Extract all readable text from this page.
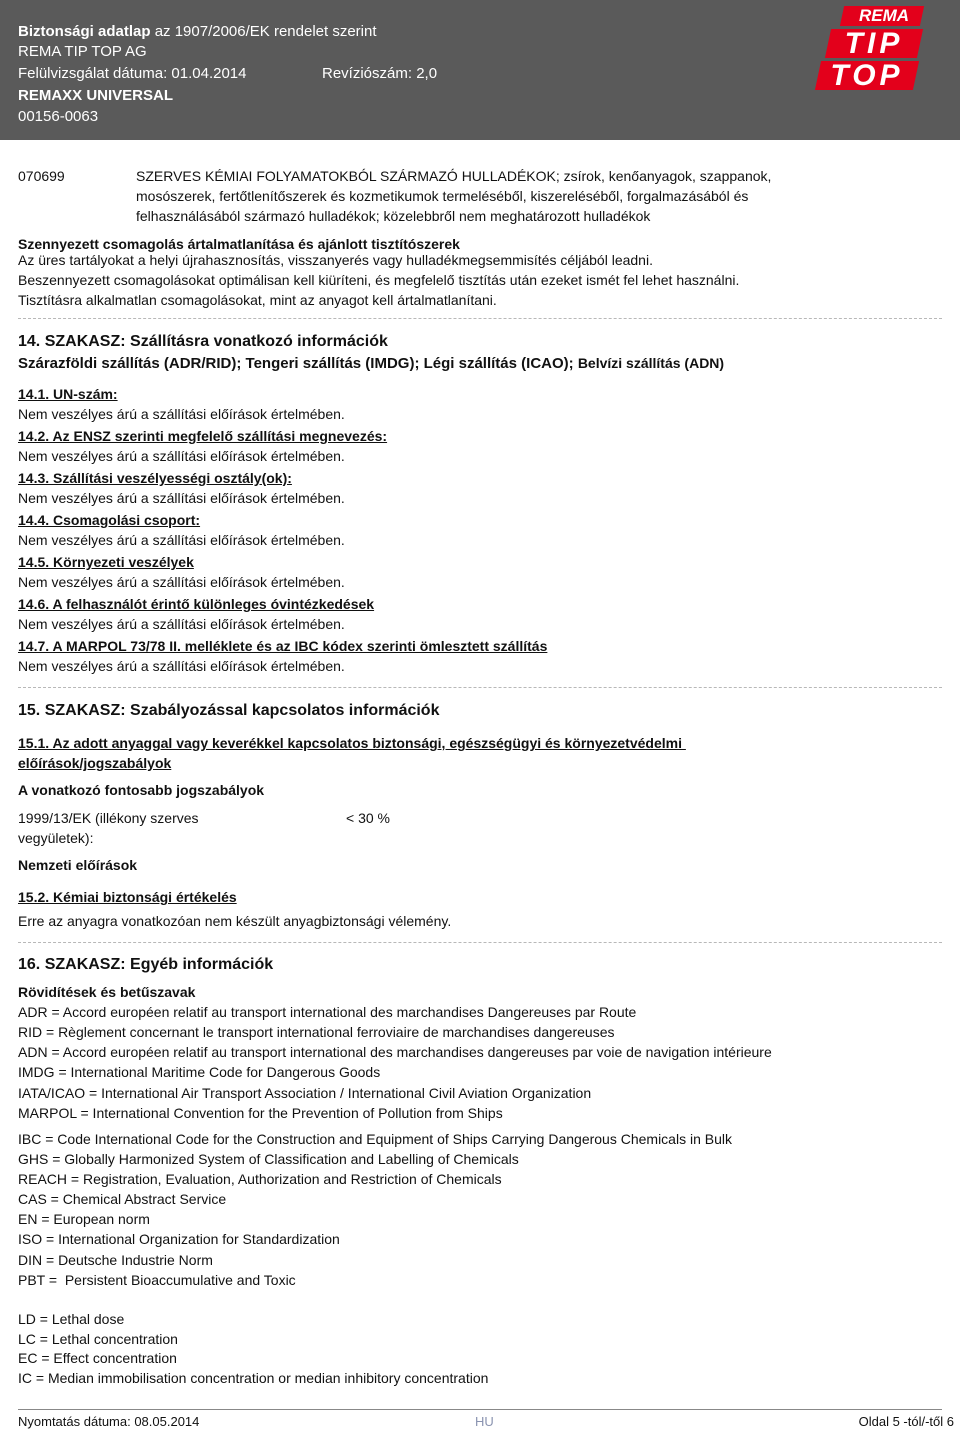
Biztonsági adatlap az 1907/2006/EK rendelet szerint
REMA TIP TOP AG
Felülvizsgálat dátuma: 01.04.2014	Revíziószám: 2,0
REMAXX UNIVERSAL
00156-0063
REMA
TIP
TOP
070699	SZERVES KÉMIAI FOLYAMATOKBÓL SZÁRMAZÓ HULLADÉKOK; zsírok, kenőanyagok, szappanok,
mosószerek, fertőtlenítőszerek és kozmetikumok termeléséből, kiszereléséből, forgalmazásából és
felhasználásából származó hulladékok; közelebbről nem meghatározott hulladékok
Szennyezett csomagolás ártalmatlanítása és ajánlott tisztítószerek
Az üres tartályokat a helyi újrahasznosítás, visszanyerés vagy hulladékmegsemmisítés céljából leadni.
Beszennyezett csomagolásokat optimálisan kell kiüríteni, és megfelelő tisztítás után ezeket ismét fel lehet használni.
Tisztításra alkalmatlan csomagolásokat, mint az anyagot kell ártalmatlanítani.
14. SZAKASZ: Szállításra vonatkozó információk
Szárazföldi szállítás (ADR/RID); Tengeri szállítás (IMDG); Légi szállítás (ICAO); Belvízi szállítás (ADN)
14.1. UN-szám:
Nem veszélyes árú a szállítási előírások értelmében.
14.2. Az ENSZ szerinti megfelelő szállítási megnevezés:
Nem veszélyes árú a szállítási előírások értelmében.
14.3. Szállítási veszélyességi osztály(ok):
Nem veszélyes árú a szállítási előírások értelmében.
14.4. Csomagolási csoport:
Nem veszélyes árú a szállítási előírások értelmében.
14.5. Környezeti veszélyek
Nem veszélyes árú a szállítási előírások értelmében.
14.6. A felhasználót érintő különleges óvintézkedések
Nem veszélyes árú a szállítási előírások értelmében.
14.7. A MARPOL 73/78 II. melléklete és az IBC kódex szerinti ömlesztett szállítás
Nem veszélyes árú a szállítási előírások értelmében.
15. SZAKASZ: Szabályozással kapcsolatos információk
15.1. Az adott anyaggal vagy keverékkel kapcsolatos biztonsági, egészségügyi és környezetvédelmi
előírások/jogszabályok
A vonatkozó fontosabb jogszabályok
1999/13/EK (illékony szerves
vegyületek):
< 30 %
Nemzeti előírások
15.2. Kémiai biztonsági értékelés
Erre az anyagra vonatkozóan nem készült anyagbiztonsági vélemény.
16. SZAKASZ: Egyéb információk
Rövidítések és betűszavak
ADR = Accord européen relatif au transport international des marchandises Dangereuses par Route
RID = Règlement concernant le transport international ferroviaire de marchandises dangereuses
ADN = Accord européen relatif au transport international des marchandises dangereuses par voie de navigation intérieure
IMDG = International Maritime Code for Dangerous Goods
IATA/ICAO = International Air Transport Association / International Civil Aviation Organization
MARPOL = International Convention for the Prevention of Pollution from Ships
IBC = Code International Code for the Construction and Equipment of Ships Carrying Dangerous Chemicals in Bulk
GHS = Globally Harmonized System of Classification and Labelling of Chemicals
REACH = Registration, Evaluation, Authorization and Restriction of Chemicals
CAS = Chemical Abstract Service
EN = European norm
ISO = International Organization for Standardization
DIN = Deutsche Industrie Norm
PBT =  Persistent Bioaccumulative and Toxic
LD = Lethal dose
LC = Lethal concentration
EC = Effect concentration
IC = Median immobilisation concentration or median inhibitory concentration
Nyomtatás dátuma: 08.05.2014	HU	Oldal 5 -tól/-től 6
